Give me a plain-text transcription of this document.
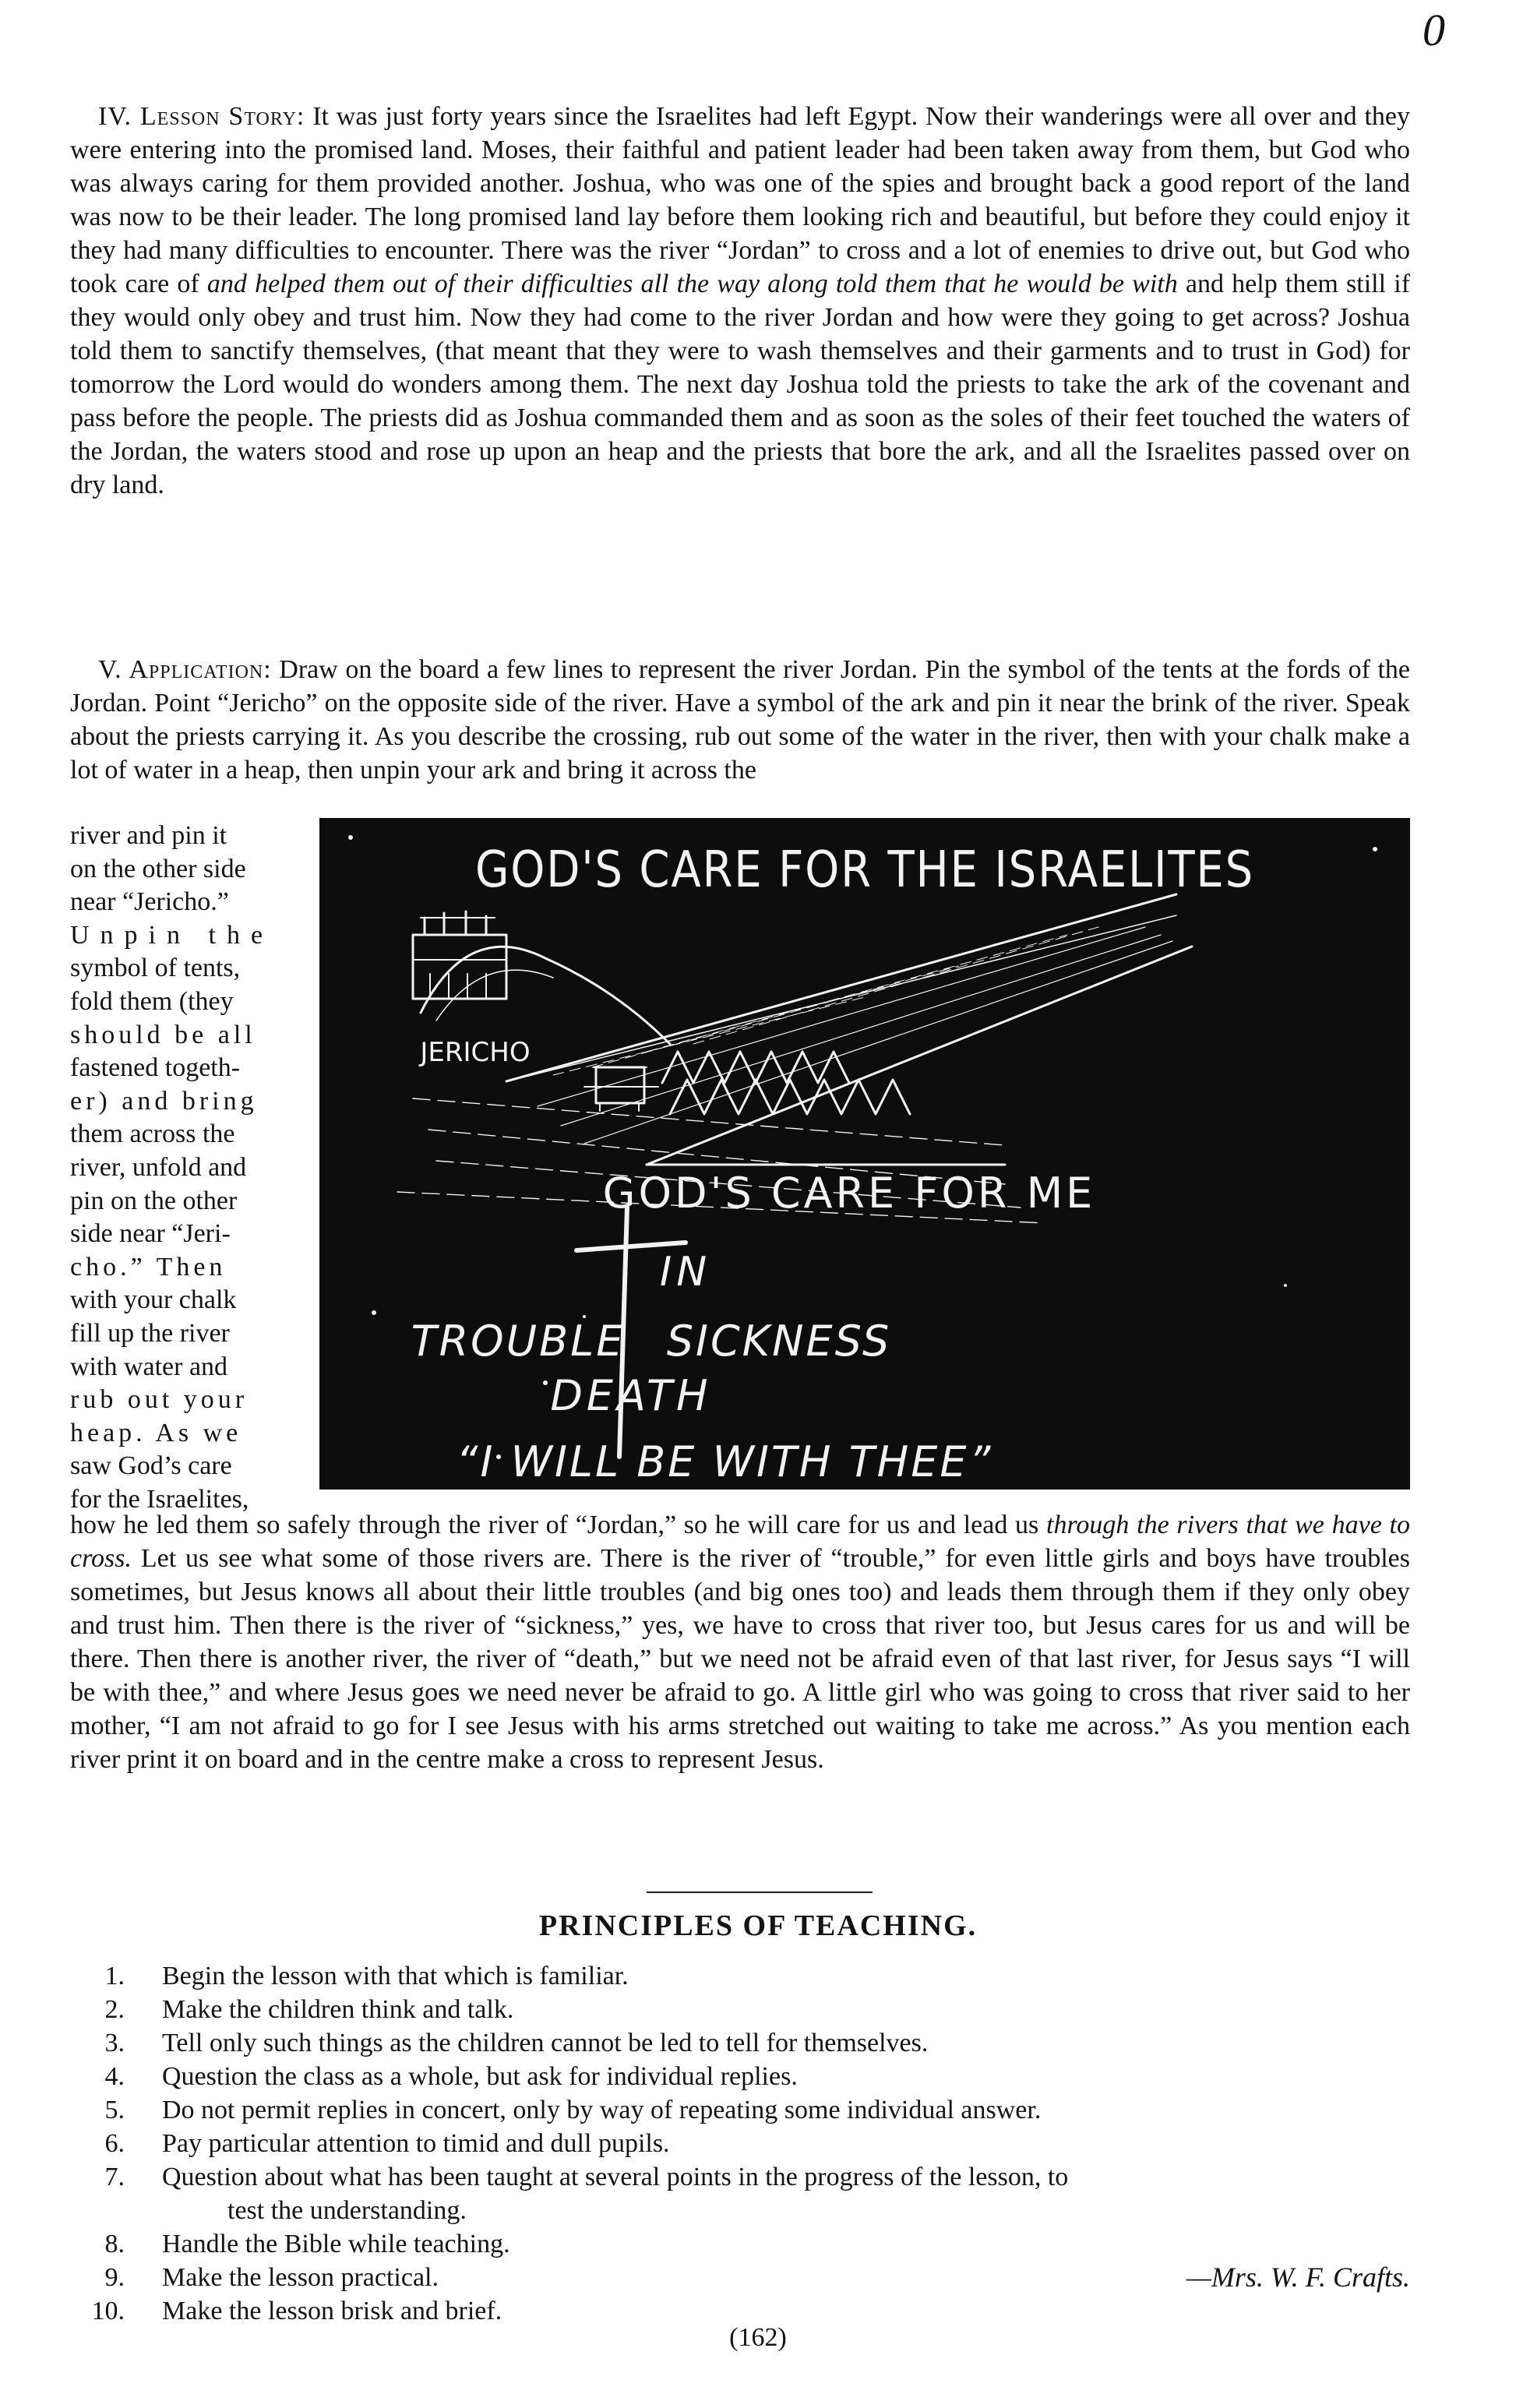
0

IV. Lesson Story: It was just forty years since the Israelites had left Egypt. Now their wanderings were all over and they were entering into the promised land. Moses, their faithful and patient leader had been taken away from them, but God who was always caring for them provided another. Joshua, who was one of the spies and brought back a good report of the land was now to be their leader. The long promised land lay before them looking rich and beautiful, but before they could enjoy it they had many difficulties to encounter. There was the river “Jordan” to cross and a lot of enemies to drive out, but God who took care of and helped them out of their difficulties all the way along told them that he would be with and help them still if they would only obey and trust him. Now they had come to the river Jordan and how were they going to get across? Joshua told them to sanctify themselves, (that meant that they were to wash themselves and their garments and to trust in God) for tomorrow the Lord would do wonders among them. The next day Joshua told the priests to take the ark of the covenant and pass before the people. The priests did as Joshua commanded them and as soon as the soles of their feet touched the waters of the Jordan, the waters stood and rose up upon an heap and the priests that bore the ark, and all the Israelites passed over on dry land.

V. Application: Draw on the board a few lines to represent the river Jordan. Pin the symbol of the tents at the fords of the Jordan. Point “Jericho” on the opposite side of the river. Have a symbol of the ark and pin it near the brink of the river. Speak about the priests carrying it. As you describe the crossing, rub out some of the water in the river, then with your chalk make a lot of water in a heap, then unpin your ark and bring it across the

river and pin it
on the other side
near “Jericho.”
Unpin the
symbol of tents,
fold them (they
should be all
fastened togeth-
er) and bring
them across the
river, unfold and
pin on the other
side near “Jeri-
cho.” Then
with your chalk
fill up the river
with water and
rub out your
heap. As we
saw God’s care
for the Israelites,
GOD'S CARE FOR THE ISRAELITES
JERICHO
GOD'S CARE FOR ME
IN
TROUBLE SICKNESS
DEATH
“I WILL BE WITH THEE”

how he led them so safely through the river of “Jordan,” so he will care for us and lead us through the rivers that we have to cross. Let us see what some of those rivers are. There is the river of “trouble,” for even little girls and boys have troubles sometimes, but Jesus knows all about their little troubles (and big ones too) and leads them through them if they only obey and trust him. Then there is the river of “sickness,” yes, we have to cross that river too, but Jesus cares for us and will be there. Then there is another river, the river of “death,” but we need not be afraid even of that last river, for Jesus says “I will be with thee,” and where Jesus goes we need never be afraid to go. A little girl who was going to cross that river said to her mother, “I am not afraid to go for I see Jesus with his arms stretched out waiting to take me across.” As you mention each river print it on board and in the centre make a cross to represent Jesus.

PRINCIPLES OF TEACHING.
1. Begin the lesson with that which is familiar.
2. Make the children think and talk.
3. Tell only such things as the children cannot be led to tell for themselves.
4. Question the class as a whole, but ask for individual replies.
5. Do not permit replies in concert, only by way of repeating some individual answer.
6. Pay particular attention to timid and dull pupils.
7. Question about what has been taught at several points in the progress of the lesson, to
test the understanding.
8. Handle the Bible while teaching.
9. Make the lesson practical.
10. Make the lesson brisk and brief.
—Mrs. W. F. Crafts.
(162)
